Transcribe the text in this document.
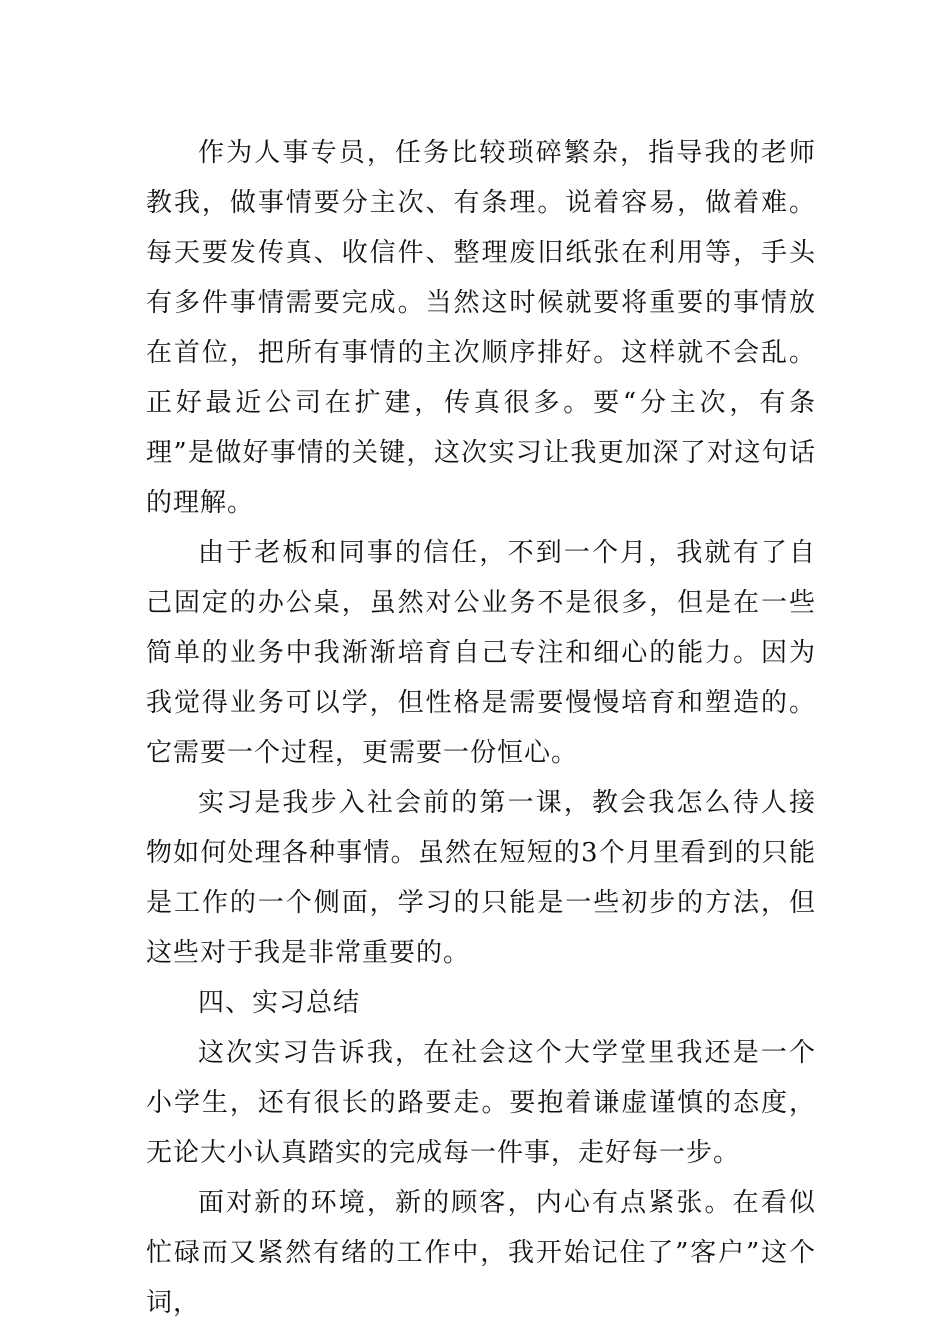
作为人事专员，任务比较琐碎繁杂，指导我的老师教我，做事情要分主次、有条理。说着容易，做着难。每天要发传真、收信件、整理废旧纸张在利用等，手头有多件事情需要完成。当然这时候就要将重要的事情放在首位，把所有事情的主次顺序排好。这样就不会乱。正好最近公司在扩建，传真很多。要“分主次，有条理”是做好事情的关键，这次实习让我更加深了对这句话的理解。

由于老板和同事的信任，不到一个月，我就有了自己固定的办公桌，虽然对公业务不是很多，但是在一些简单的业务中我渐渐培育自己专注和细心的能力。因为我觉得业务可以学，但性格是需要慢慢培育和塑造的。它需要一个过程，更需要一份恒心。

实习是我步入社会前的第一课，教会我怎么待人接物如何处理各种事情。虽然在短短的3个月里看到的只能是工作的一个侧面，学习的只能是一些初步的方法，但这些对于我是非常重要的。

四、实习总结

这次实习告诉我，在社会这个大学堂里我还是一个小学生，还有很长的路要走。要抱着谦虚谨慎的态度，无论大小认真踏实的完成每一件事，走好每一步。

面对新的环境，新的顾客，内心有点紧张。在看似忙碌而又紧然有绪的工作中，我开始记住了”客户”这个词，
